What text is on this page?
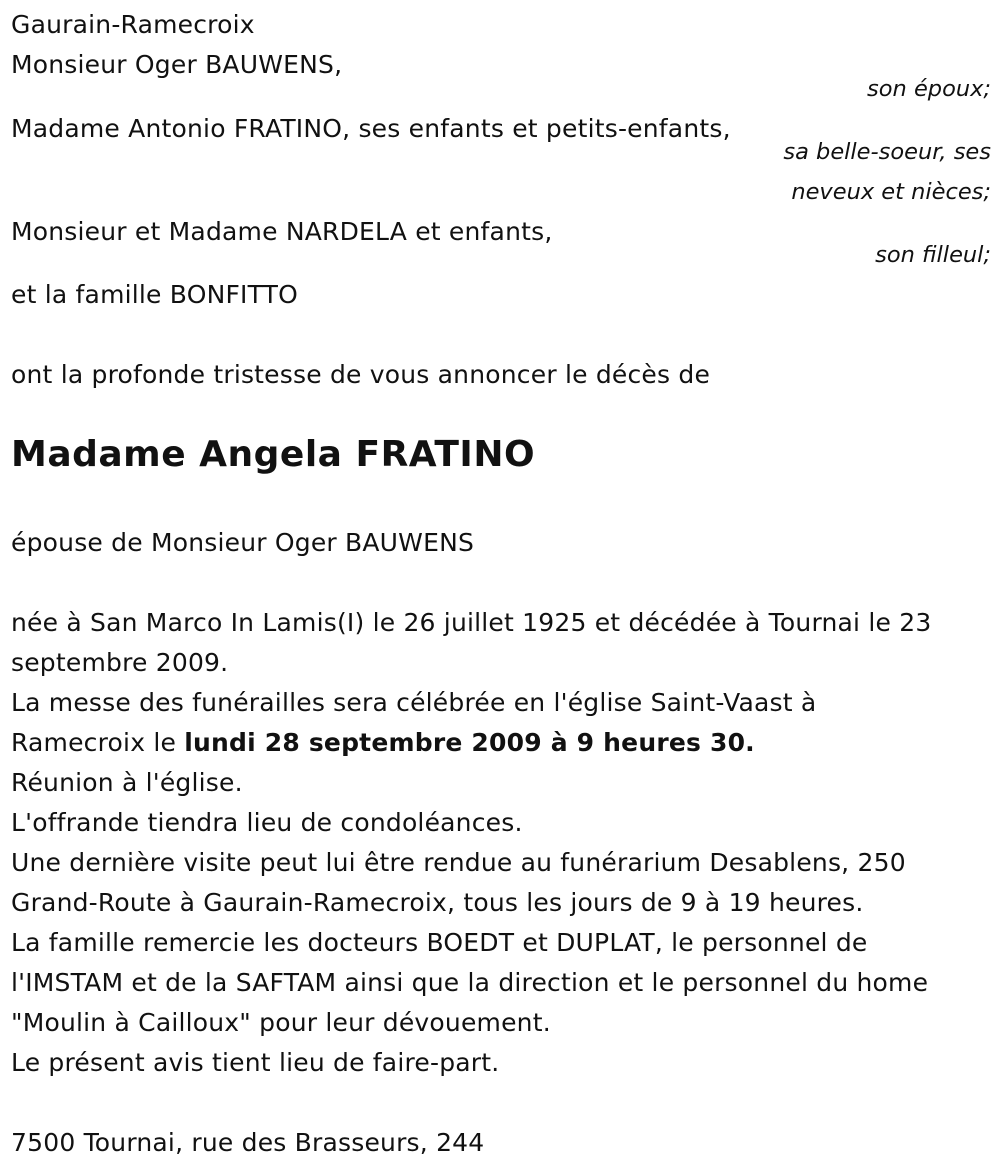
Gaurain-Ramecroix

Monsieur Oger BAUWENS,

son époux;

Madame Antonio FRATINO, ses enfants et petits-enfants,

sa belle-soeur, ses

neveux et nièces;

Monsieur et Madame NARDELA et enfants,

son filleul;

et la famille BONFITTO

ont la profonde tristesse de vous annoncer le décès de

Madame Angela FRATINO

épouse de Monsieur Oger BAUWENS

née à San Marco In Lamis(I) le 26 juillet 1925 et décédée à Tournai le 23

septembre 2009.

La messe des funérailles sera célébrée en l'église Saint-Vaast à

Ramecroix le lundi 28 septembre 2009 à 9 heures 30.

Réunion à l'église.

L'offrande tiendra lieu de condoléances.

Une dernière visite peut lui être rendue au funérarium Desablens, 250

Grand-Route à Gaurain-Ramecroix, tous les jours de 9 à 19 heures.

La famille remercie les docteurs BOEDT et DUPLAT, le personnel de

l'IMSTAM et de la SAFTAM ainsi que la direction et le personnel du home

"Moulin à Cailloux" pour leur dévouement.

Le présent avis tient lieu de faire-part.

7500 Tournai, rue des Brasseurs, 244
